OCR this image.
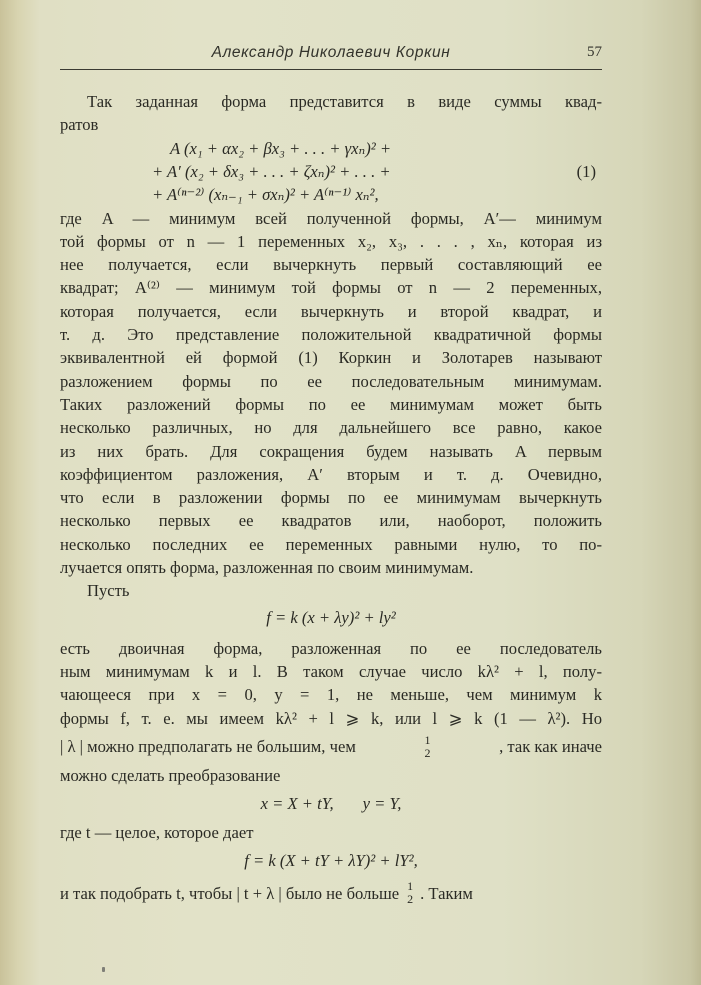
Александр Николаевич Коркин	57
Так заданная форма представится в виде суммы квад-
ратов
A (x₁ + αx₂ + βx₃ + . . . + γxₙ)² +
+ A′ (x₂ + δx₃ + . . . + ζxₙ)² + . . . +
+ A⁽ⁿ⁻²⁾ (xₙ₋₁ + σxₙ)² + A⁽ⁿ⁻¹⁾ xₙ²,
(1)
где A — минимум всей полученной формы, A′— минимум
той формы от n — 1 переменных x₂, x₃, . . . , xₙ, которая из
нее получается, если вычеркнуть первый составляющий ее
квадрат; A⁽²⁾ — минимум той формы от n — 2 переменных,
которая получается, если вычеркнуть и второй квадрат, и
т. д. Это представление положительной квадратичной формы
эквивалентной ей формой (1) Коркин и Золотарев называют
разложением формы по ее последовательным минимумам.
Таких разложений формы по ее минимумам может быть
несколько различных, но для дальнейшего все равно, какое
из них брать. Для сокращения будем называть A первым
коэффициентом разложения, A′ вторым и т. д. Очевидно,
что если в разложении формы по ее минимумам вычеркнуть
несколько первых ее квадратов или, наоборот, положить
несколько последних ее переменных равными нулю, то по-
лучается опять форма, разложенная по своим минимумам.
Пусть
f = k (x + λy)² + ly²
есть двоичная форма, разложенная по ее последователь
ным минимумам k и l. В таком случае число kλ² + l, полу-
чающееся при x = 0, y = 1, не меньше, чем минимум k
формы f, т. е. мы имеем kλ² + l ⩾ k, или l ⩾ k (1 — λ²). Но
| λ | можно предполагать не большим, чем	1
2	, так как иначе
можно сделать преобразование
x = X + tY,       y = Y,
где t — целое, которое дает
f = k (X + tY + λY)² + lY²,
и так подобрать t, чтобы | t + λ | было не больше 1
2 . Таким
